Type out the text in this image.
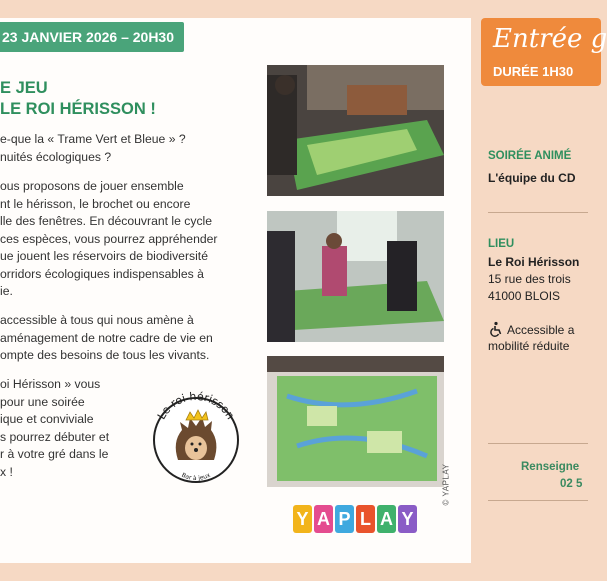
23 JANVIER 2026 – 20H30
E JEU
LE ROI HÉRISSON !
e-que la « Trame Vert et Bleue » ?
nuités écologiques ?
ous proposons de jouer ensemble
nt le hérisson, le brochet ou encore
lle des fenêtres. En découvrant le cycle
ces espèces, vous pourrez appréhender
ue jouent les réservoirs de biodiversité
orridors écologiques indispensables à
ie.
accessible à tous qui nous amène à
aménagement de notre cadre de vie en
ompte des besoins de tous les vivants.
oi Hérisson » vous
pour une soirée
ique et conviviale
s pourrez débuter et
r à votre gré dans le
x !
Le roi hérisson
Bar à jeux	© YAPLAY
Y A P L A Y
Entrée g
DURÉE 1H30
SOIRÉE ANIMÉ
L'équipe du CD
LIEU
Le Roi Hérisson
15 rue des trois
41000 BLOIS
Accessible a
mobilité réduite
Renseigne
02 5
